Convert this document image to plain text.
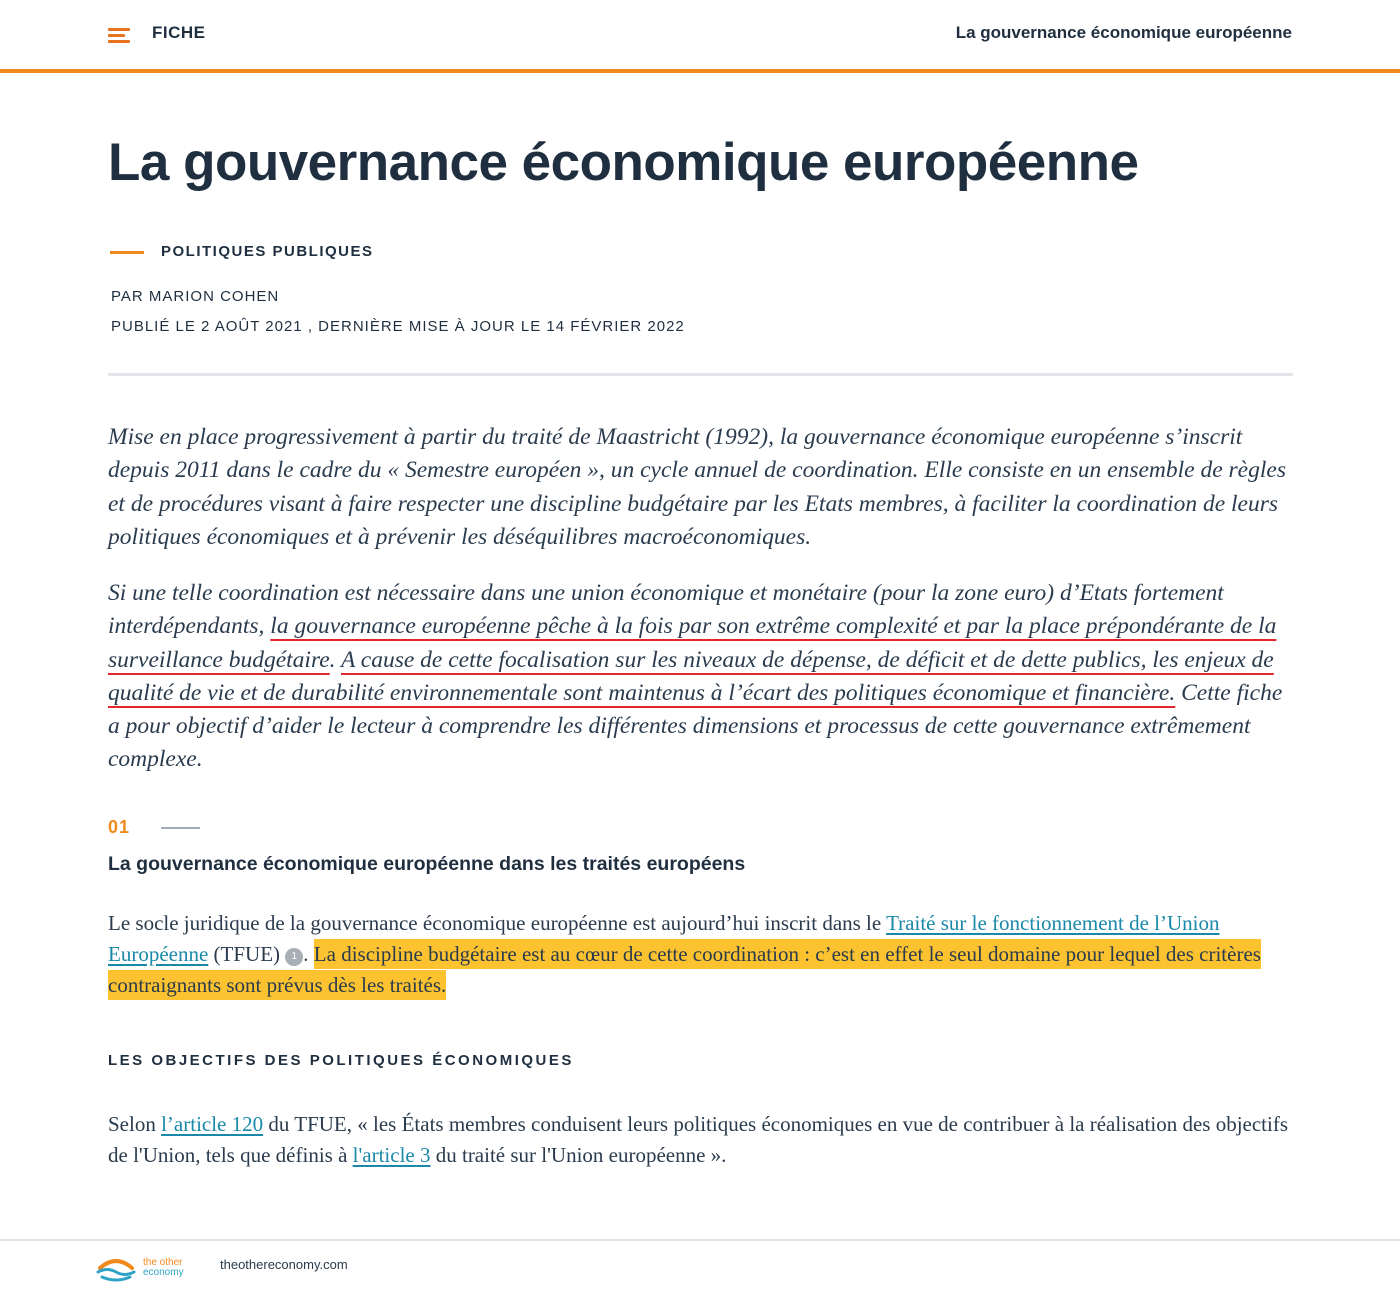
FICHE	La gouvernance économique européenne
La gouvernance économique européenne
POLITIQUES PUBLIQUES
PAR MARION COHEN
PUBLIÉ LE 2 AOÛT 2021 , DERNIÈRE MISE À JOUR LE 14 FÉVRIER 2022

Mise en place progressivement à partir du traité de Maastricht (1992), la gouvernance économique européenne s’inscrit depuis 2011 dans le cadre du « Semestre européen », un cycle annuel de coordination. Elle consiste en un ensemble de règles et de procédures visant à faire respecter une discipline budgétaire par les Etats membres, à faciliter la coordination de leurs politiques économiques et à prévenir les déséquilibres macroéconomiques.

Si une telle coordination est nécessaire dans une union économique et monétaire (pour la zone euro) d’Etats fortement interdépendants, la gouvernance européenne pêche à la fois par son extrême complexité et par la place prépondérante de la surveillance budgétaire. A cause de cette focalisation sur les niveaux de dépense, de déficit et de dette publics, les enjeux de qualité de vie et de durabilité environnementale sont maintenus à l’écart des politiques économique et financière. Cette fiche a pour objectif d’aider le lecteur à comprendre les différentes dimensions et processus de cette gouvernance extrêmement complexe.

01
La gouvernance économique européenne dans les traités européens

Le socle juridique de la gouvernance économique européenne est aujourd’hui inscrit dans le Traité sur le fonctionnement de l’Union Européenne (TFUE) 1 . La discipline budgétaire est au cœur de cette coordination : c’est en effet le seul domaine pour lequel des critères contraignants sont prévus dès les traités.

LES OBJECTIFS DES POLITIQUES ÉCONOMIQUES

Selon l’article 120 du TFUE, « les États membres conduisent leurs politiques économiques en vue de contribuer à la réalisation des objectifs de l'Union, tels que définis à l'article 3 du traité sur l'Union européenne ».

the other
economy
theothereconomy.com
